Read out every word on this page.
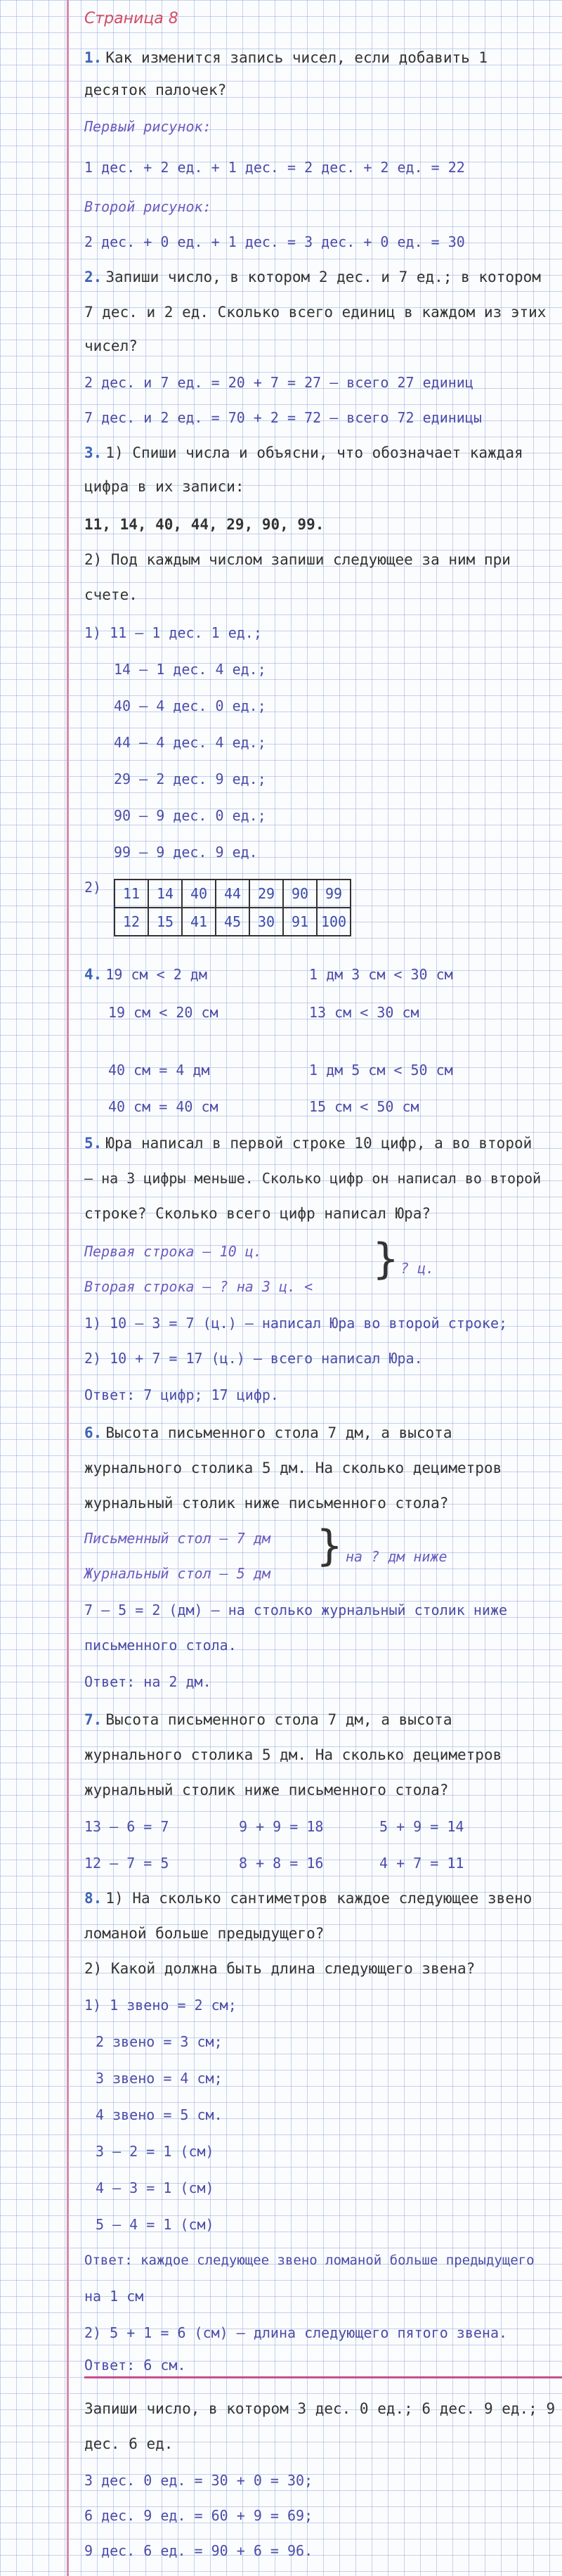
Страница 8
1. Как изменится запись чисел, если добавить 1
десяток палочек?
Первый рисунок:
1 дес. + 2 ед. + 1 дес. = 2 дес. + 2 ед. = 22
Второй рисунок:
2 дес. + 0 ед. + 1 дес. = 3 дес. + 0 ед. = 30
2. Запиши число, в котором 2 дес. и 7 ед.; в котором
7 дес. и 2 ед. Сколько всего единиц в каждом из этих
чисел?
2 дес. и 7 ед. = 20 + 7 = 27 – всего 27 единиц
7 дес. и 2 ед. = 70 + 2 = 72 – всего 72 единицы
3. 1) Спиши числа и объясни, что обозначает каждая
цифра в их записи:
11, 14, 40, 44, 29, 90, 99.
2) Под каждым числом запиши следующее за ним при
счете.
1) 11 – 1 дес. 1 ед.;
14 – 1 дес. 4 ед.;
40 – 4 дес. 0 ед.;
44 – 4 дес. 4 ед.;
29 – 2 дес. 9 ед.;
90 – 9 дес. 0 ед.;
99 – 9 дес. 9 ед.
2) 11	14	40	44	29	90	99
12	15	41	45	30	91	100
4. 19 см < 2 дм	1 дм 3 см < 30 см
19 см < 20 см	13 см < 30 см
40 см = 4 дм	1 дм 5 см < 50 см
40 см = 40 см	15 см < 50 см
5. Юра написал в первой строке 10 цифр, а во второй
– на 3 цифры меньше. Сколько цифр он написал во второй
строке? Сколько всего цифр написал Юра?
Первая строка – 10 ц.
Вторая строка – ? на 3 ц. <
} ? ц.
1) 10 – 3 = 7 (ц.) – написал Юра во второй строке;
2) 10 + 7 = 17 (ц.) – всего написал Юра.
Ответ: 7 цифр; 17 цифр.
6. Высота письменного стола 7 дм, а высота
журнального столика 5 дм. На сколько дециметров
журнальный столик ниже письменного стола?
Письменный стол – 7 дм
Журнальный стол – 5 дм
} на ? дм ниже
7 – 5 = 2 (дм) – на столько журнальный столик ниже
письменного стола.
Ответ: на 2 дм.
7. Высота письменного стола 7 дм, а высота
журнального столика 5 дм. На сколько дециметров
журнальный столик ниже письменного стола?
13 – 6 = 7	9 + 9 = 18	5 + 9 = 14
12 – 7 = 5	8 + 8 = 16	4 + 7 = 11
8. 1) На сколько сантиметров каждое следующее звено
ломаной больше предыдущего?
2) Какой должна быть длина следующего звена?
1) 1 звено = 2 см;
2 звено = 3 см;
3 звено = 4 см;
4 звено = 5 см.
3 – 2 = 1 (см)
4 – 3 = 1 (см)
5 – 4 = 1 (см)
Ответ: каждое следующее звено ломаной больше предыдущего
на 1 см
2) 5 + 1 = 6 (см) – длина следующего пятого звена.
Ответ: 6 см.
Запиши число, в котором 3 дес. 0 ед.; 6 дес. 9 ед.; 9
дес. 6 ед.
3 дес. 0 ед. = 30 + 0 = 30;
6 дес. 9 ед. = 60 + 9 = 69;
9 дес. 6 ед. = 90 + 6 = 96.
